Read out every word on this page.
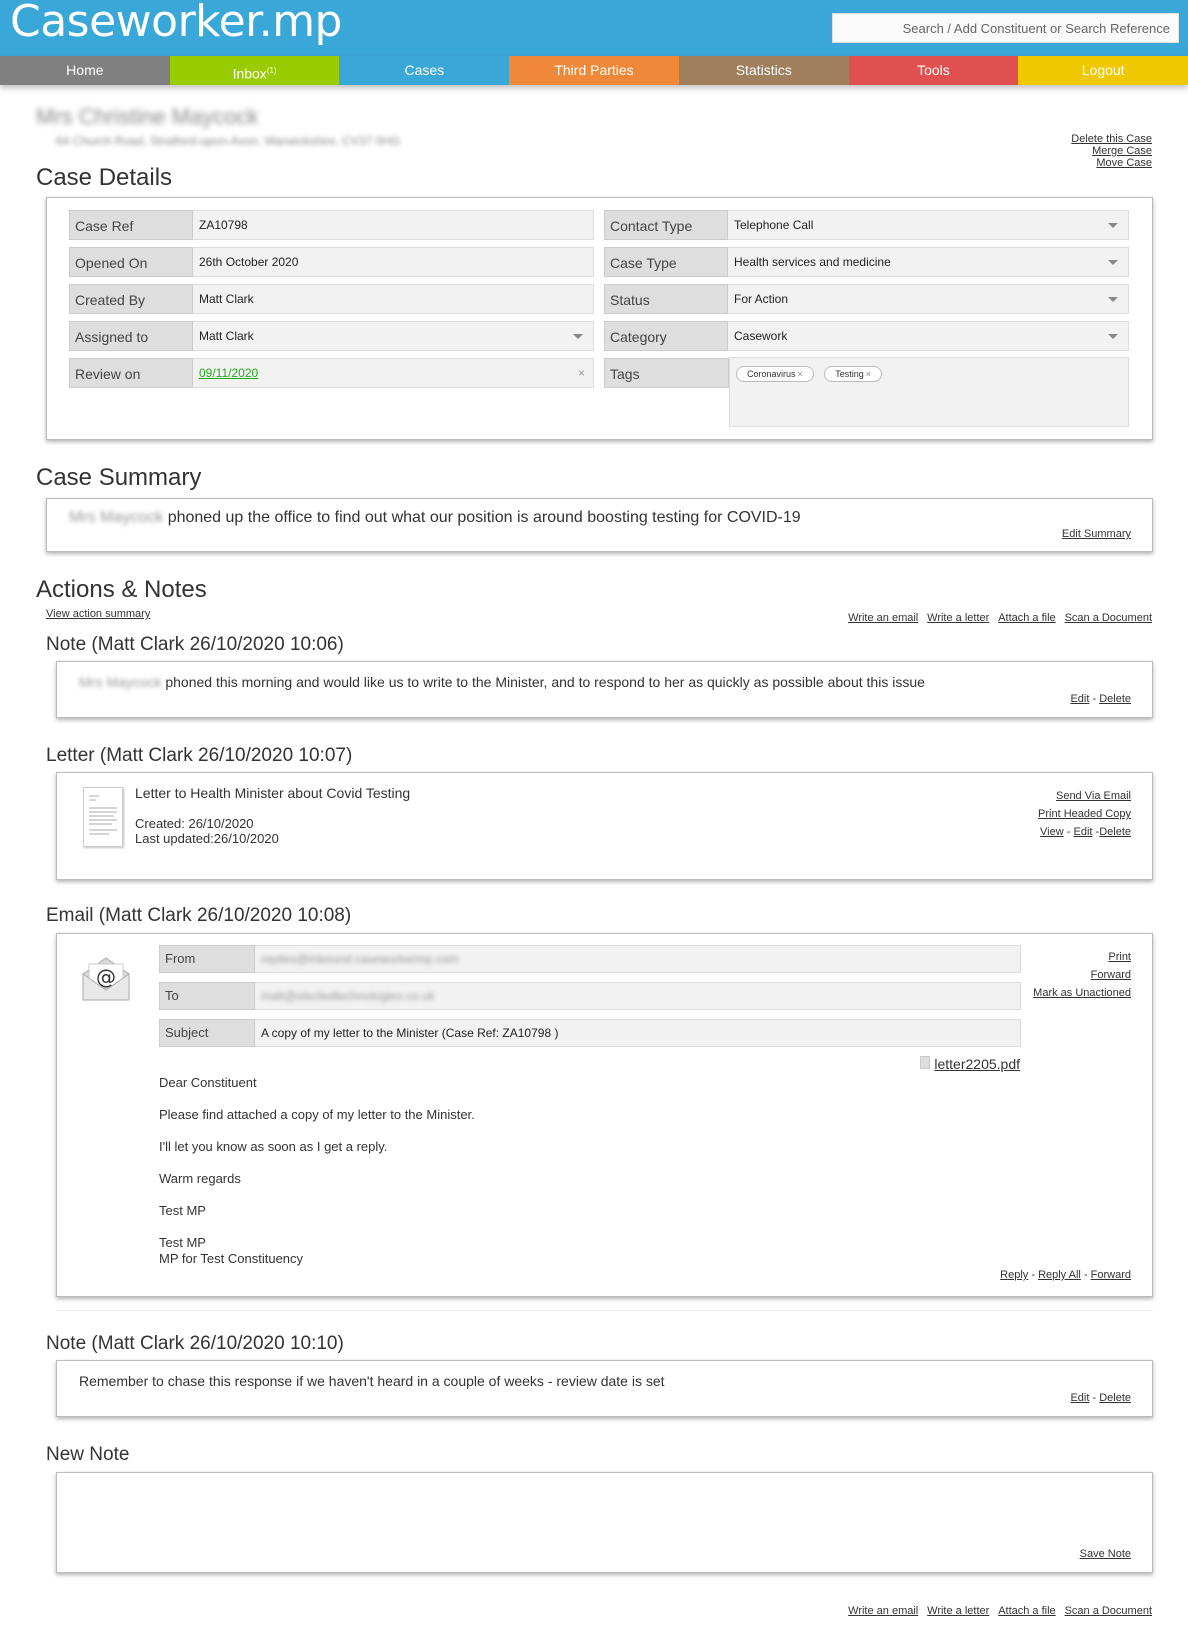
Caseworker.mp	Search / Add Constituent or Search Reference
Home	Inbox$^{(1)}$	Cases	Third Parties	Statistics	Tools	Logout
Mrs Christine Maycock
64 Church Road, Stratford-upon-Avon, Warwickshire, CV37 0HG	Delete this Case
Merge Case
Move Case
Case Details
Case Ref	ZA10798
Opened On	26th October 2020
Created By	Matt Clark
Assigned to	Matt Clark
Review on	09/11/2020	×
Contact Type	Telephone Call
Case Type	Health services and medicine
Status	For Action
Category	Casework
Tags	Coronavirus ×	Testing ×
Case Summary
Mrs Maycock phoned up the office to find out what our position is around boosting testing for COVID-19
Edit Summary
Actions & Notes
View action summary	Write an email Write a letter Attach a file Scan a Document
Note (Matt Clark 26/10/2020 10:06)
Mrs Maycock phoned this morning and would like us to write to the Minister, and to respond to her as quickly as possible about this issue
Edit - Delete
Letter (Matt Clark 26/10/2020 10:07)
Letter to Health Minister about Covid Testing
Created: 26/10/2020
Last updated:26/10/2020
Send Via Email
Print Headed Copy
View - Edit -Delete
Email (Matt Clark 26/10/2020 10:08)
@
From	replies@inbound.caseworkermp.com
To	matt@electedtechnologies.co.uk
Subject	A copy of my letter to the Minister (Case Ref: ZA10798 )
letter2205.pdf
Dear Constituent
Please find attached a copy of my letter to the Minister.
I'll let you know as soon as I get a reply.
Warm regards
Test MP
Test MP
MP for Test Constituency
Print
Forward
Mark as Unactioned
Reply - Reply All - Forward
Note (Matt Clark 26/10/2020 10:10)
Remember to chase this response if we haven't heard in a couple of weeks - review date is set
Edit - Delete
New Note
Save Note
Write an email Write a letter Attach a file Scan a Document
